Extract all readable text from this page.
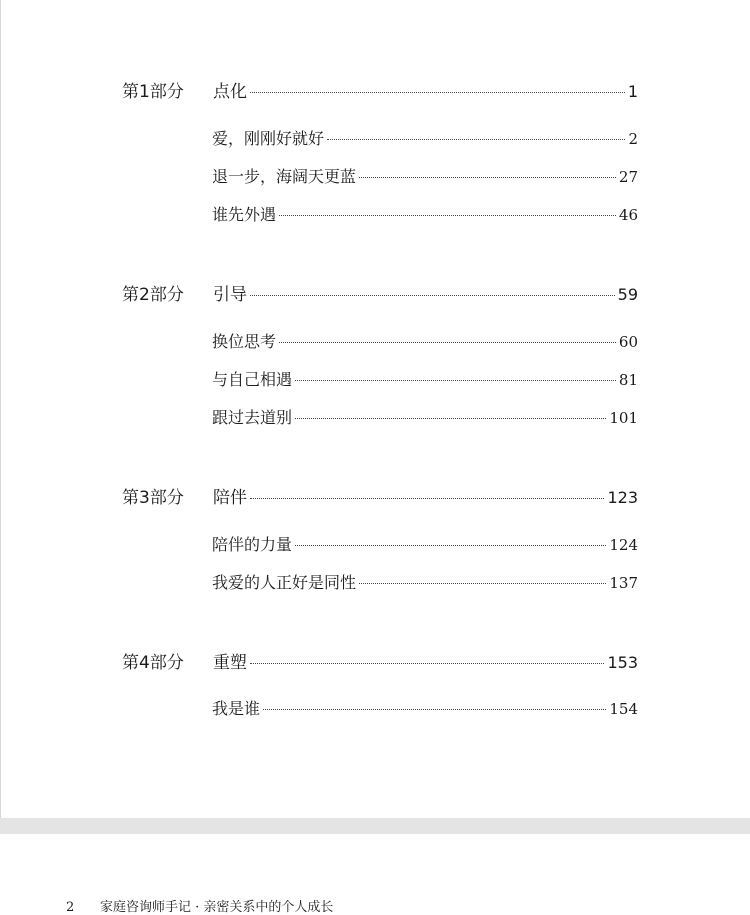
第1部分	点化	1
爱，刚刚好就好	2
退一步，海阔天更蓝	27
谁先外遇	46
第2部分	引导	59
换位思考	60
与自己相遇	81
跟过去道别	101
第3部分	陪伴	123
陪伴的力量	124
我爱的人正好是同性	137
第4部分	重塑	153
我是谁	154
2 家庭咨询师手记 · 亲密关系中的个人成长
